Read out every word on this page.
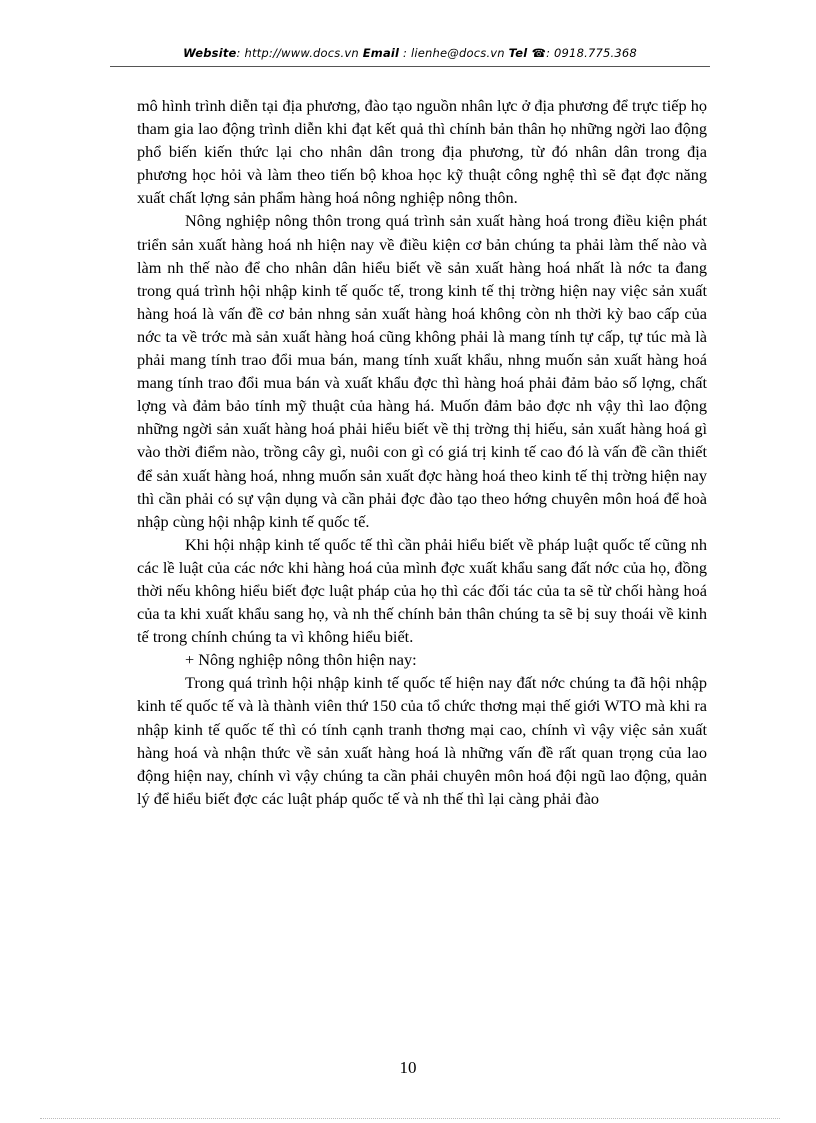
Website: http://www.docs.vn Email : lienhe@docs.vn Tel ☎: 0918.775.368

mô hình trình diễn tại địa phương, đào tạo nguồn nhân lực ở địa phương để trực tiếp họ tham gia lao động trình diễn khi đạt kết quả thì chính bản thân họ những ngời lao động phổ biến kiến thức lại cho nhân dân trong địa phương, từ đó nhân dân trong địa phương học hỏi và làm theo tiến bộ khoa học kỹ thuật công nghệ thì sẽ đạt đợc năng xuất chất lợng sản phẩm hàng hoá nông nghiệp nông thôn.

Nông nghiệp nông thôn trong quá trình sản xuất hàng hoá trong điều kiện phát triển sản xuất hàng hoá nh hiện nay về điều kiện cơ bản chúng ta phải làm thế nào và làm nh thế nào để cho nhân dân hiểu biết về sản xuất hàng hoá nhất là nớc ta đang trong quá trình hội nhập kinh tế quốc tế, trong kinh tế thị trờng hiện nay việc sản xuất hàng hoá là vấn đề cơ bản nhng sản xuất hàng hoá không còn nh thời kỳ bao cấp của nớc ta về trớc mà sản xuất hàng hoá cũng không phải là mang tính tự cấp, tự túc mà là phải mang tính trao đổi mua bán, mang tính xuất khẩu, nhng muốn sản xuất hàng hoá mang tính trao đổi mua bán và xuất khẩu đợc thì hàng hoá phải đảm bảo số lợng, chất lợng và đảm bảo tính mỹ thuật của hàng há. Muốn đảm bảo đợc nh vậy thì lao động những ngời sản xuất hàng hoá phải hiểu biết về thị trờng thị hiếu, sản xuất hàng hoá gì vào thời điểm nào, trồng cây gì, nuôi con gì có giá trị kinh tế cao đó là vấn đề cần thiết để sản xuất hàng hoá, nhng muốn sản xuất đợc hàng hoá theo kinh tế thị trờng hiện nay thì cần phải có sự vận dụng và cần phải đợc đào tạo theo hớng chuyên môn hoá để hoà nhập cùng hội nhập kinh tế quốc tế.

Khi hội nhập kinh tế quốc tế thì cần phải hiểu biết về pháp luật quốc tế cũng nh các lề luật của các nớc khi hàng hoá của mình đợc xuất khẩu sang đất nớc của họ, đồng thời nếu không hiểu biết đợc luật pháp của họ thì các đối tác của ta sẽ từ chối hàng hoá của ta khi xuất khẩu sang họ, và nh thế chính bản thân chúng ta sẽ bị suy thoái về kinh tế trong chính chúng ta vì không hiểu biết.

+ Nông nghiệp nông thôn hiện nay:

Trong quá trình hội nhập kinh tế quốc tế hiện nay đất nớc chúng ta đã hội nhập kinh tế quốc tế và là thành viên thứ 150 của tổ chức thơng mại thế giới WTO mà khi ra nhập kinh tế quốc tế thì có tính cạnh tranh thơng mại cao, chính vì vậy việc sản xuất hàng hoá và nhận thức về sản xuất hàng hoá là những vấn đề rất quan trọng của lao động hiện nay, chính vì vậy chúng ta cần phải chuyên môn hoá đội ngũ lao động, quản lý để hiểu biết đợc các luật pháp quốc tế và nh thế thì lại càng phải đào

10
